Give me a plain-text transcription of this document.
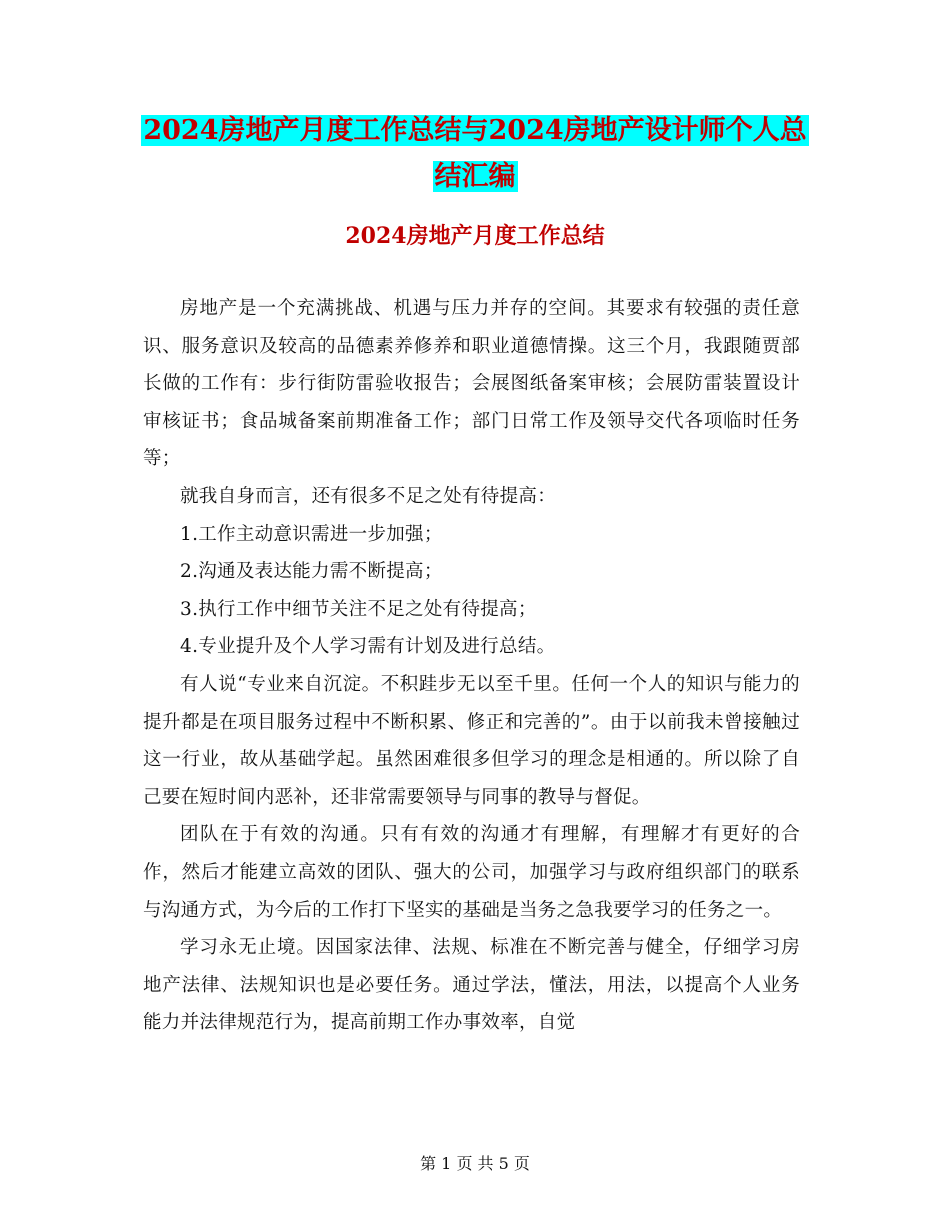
2024房地产月度工作总结与2024房地产设计师个人总
结汇编
2024房地产月度工作总结

房地产是一个充满挑战、机遇与压力并存的空间。其要求有较强的责任意识、服务意识及较高的品德素养修养和职业道德情操。这三个月，我跟随贾部长做的工作有：步行街防雷验收报告；会展图纸备案审核；会展防雷装置设计审核证书；食品城备案前期准备工作；部门日常工作及领导交代各项临时任务等；

就我自身而言，还有很多不足之处有待提高：

1.工作主动意识需进一步加强；

2.沟通及表达能力需不断提高；

3.执行工作中细节关注不足之处有待提高；

4.专业提升及个人学习需有计划及进行总结。

有人说“专业来自沉淀。不积跬步无以至千里。任何一个人的知识与能力的提升都是在项目服务过程中不断积累、修正和完善的”。由于以前我未曾接触过这一行业，故从基础学起。虽然困难很多但学习的理念是相通的。所以除了自己要在短时间内恶补，还非常需要领导与同事的教导与督促。

团队在于有效的沟通。只有有效的沟通才有理解，有理解才有更好的合作，然后才能建立高效的团队、强大的公司，加强学习与政府组织部门的联系与沟通方式，为今后的工作打下坚实的基础是当务之急我要学习的任务之一。

学习永无止境。因国家法律、法规、标准在不断完善与健全，仔细学习房地产法律、法规知识也是必要任务。通过学法，懂法，用法，以提高个人业务能力并法律规范行为，提高前期工作办事效率，自觉

第 1 页 共 5 页
